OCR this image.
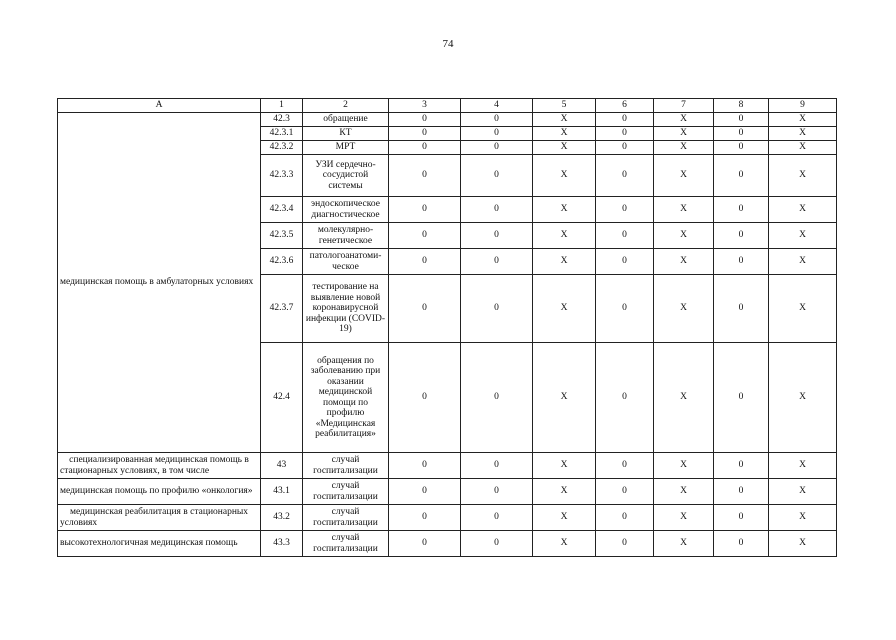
74
А	1	2	3	4	5	6	7	8	9
медицинская помощь в амбулаторных условиях	42.3	обращение	0	0	X	0	X	0	X
	42.3.1	КТ	0	0	X	0	X	0	X
	42.3.2	МРТ	0	0	X	0	X	0	X
	42.3.3	УЗИ сердечно-сосудистой системы	0	0	X	0	X	0	X
	42.3.4	эндоскопическое диагностическое	0	0	X	0	X	0	X
	42.3.5	молекулярно-генетическое	0	0	X	0	X	0	X
	42.3.6	патологоанатоми-ческое	0	0	X	0	X	0	X
	42.3.7	тестирование на выявление новой коронавирусной инфекции (COVID-19)	0	0	X	0	X	0	X
	42.4	обращения по заболеванию при оказании медицинской помощи по профилю «Медицинская реабилитация»	0	0	X	0	X	0	X
специализированная медицинская помощь в стационарных условиях, в том числе	43	случай госпитализации	0	0	X	0	X	0	X
медицинская помощь по профилю «онкология»	43.1	случай госпитализации	0	0	X	0	X	0	X
медицинская реабилитация в стационарных условиях	43.2	случай госпитализации	0	0	X	0	X	0	X
высокотехнологичная медицинская помощь	43.3	случай госпитализации	0	0	X	0	X	0	X
